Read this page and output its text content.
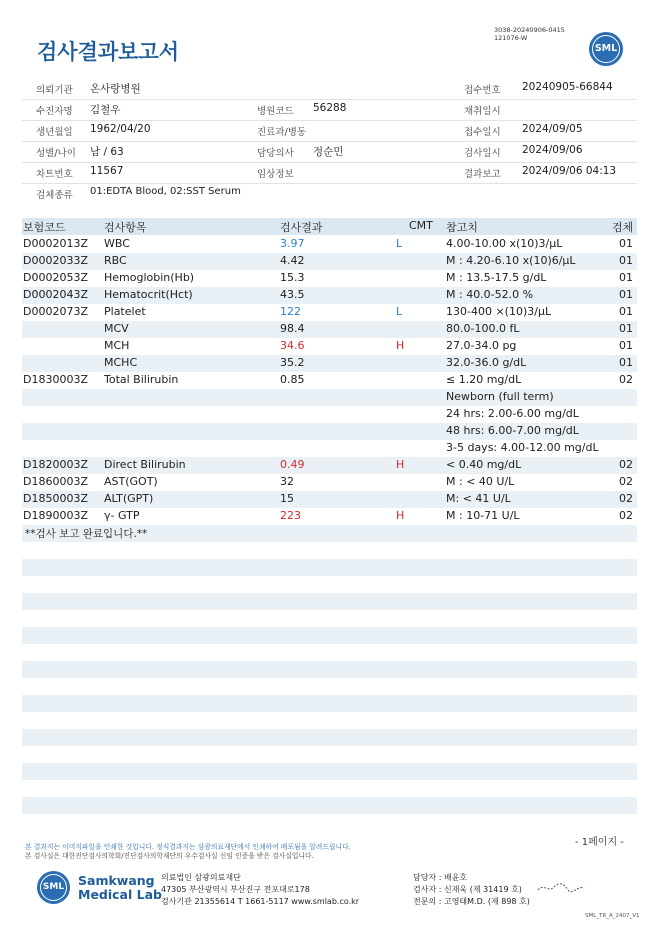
검사결과보고서
3038-20240906-0415
121076-W
SML
의뢰기관 온사랑병원	접수번호 20240905-66844
수진자명 김철우	병원코드 56288	채취일시
생년월일 1962/04/20	진료과/병동	접수일시 2024/09/05
성별/나이 남 / 63	담당의사 정순민	검사일시 2024/09/06
차트번호 11567	임상정보	결과보고 2024/09/06 04:13
검체종류 01:EDTA Blood, 02:SST Serum
보험코드	검사항목	검사결과	CMT 참고치	검체
D0002013Z WBC	3.97	L	4.00-10.00 x(10)3/μL	01
D0002033Z RBC	4.42	M : 4.20-6.10 x(10)6/μL	01
D0002053Z Hemoglobin(Hb)	15.3	M : 13.5-17.5 g/dL	01
D0002043Z Hematocrit(Hct)	43.5	M : 40.0-52.0 %	01
D0002073Z Platelet	122	L	130-400 ×(10)3/μL	01
MCV	98.4	80.0-100.0 fL	01
MCH	34.6	H	27.0-34.0 pg	01
MCHC	35.2	32.0-36.0 g/dL	01
D1830003Z Total Bilirubin	0.85	≤ 1.20 mg/dL	02
Newborn (full term)
24 hrs: 2.00-6.00 mg/dL
48 hrs: 6.00-7.00 mg/dL
3-5 days: 4.00-12.00 mg/dL
D1820003Z Direct Bilirubin	0.49	H	< 0.40 mg/dL	02
D1860003Z AST(GOT)	32	M : < 40 U/L	02
D1850003Z ALT(GPT)	15	M: < 41 U/L	02
D1890003Z γ- GTP	223	H	M : 10-71 U/L	02
**검사 보고 완료입니다.**
본 결과지는 이미지파일을 인쇄한 것입니다. 정식결과지는 삼광의료재단에서 인쇄하여 배포됨을 알려드립니다.
본 검사실은 대한진단검사의학회/진단검사의학재단의 우수검사실 신임 인증을 받은 검사실입니다.
- 1페이지 -
SML	Samkwang
Medical Lab
의료법인 삼광의료재단
47305 부산광역시 부산진구 전포대로178
검사기관 21355614 T 1661-5117 www.smlab.co.kr
담당자 : 배윤호
검사자 : 신재욱 (제 31419 호)
전문의 : 고영태M.D. (제 898 호)
SML_TR_A_2407_V1
